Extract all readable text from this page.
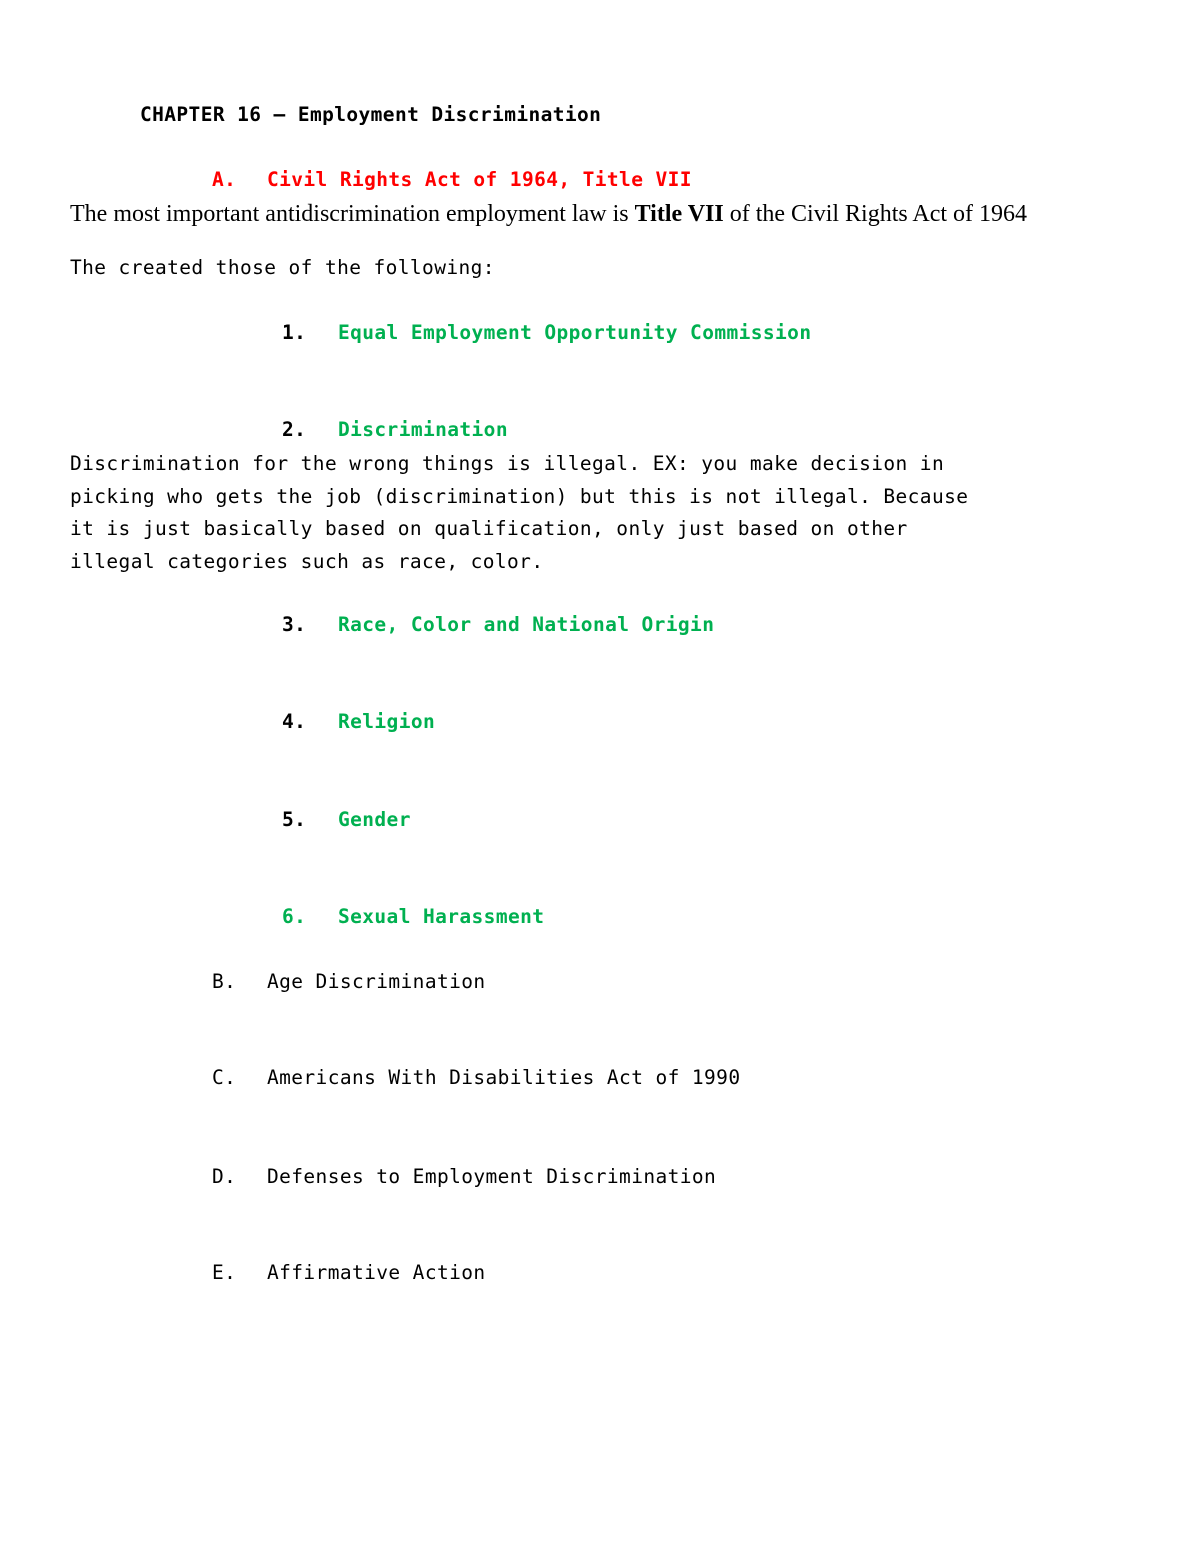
CHAPTER 16 – Employment Discrimination
A. Civil Rights Act of 1964, Title VII
The most important antidiscrimination employment law is Title VII of the Civil Rights Act of 1964
The created those of the following:
1. Equal Employment Opportunity Commission
2. Discrimination
Discrimination for the wrong things is illegal. EX: you make decision in
picking who gets the job (discrimination) but this is not illegal. Because
it is just basically based on qualification, only just based on other
illegal categories such as race, color.
3. Race, Color and National Origin
4. Religion
5. Gender
6. Sexual Harassment
B. Age Discrimination
C. Americans With Disabilities Act of 1990
D. Defenses to Employment Discrimination
E. Affirmative Action
